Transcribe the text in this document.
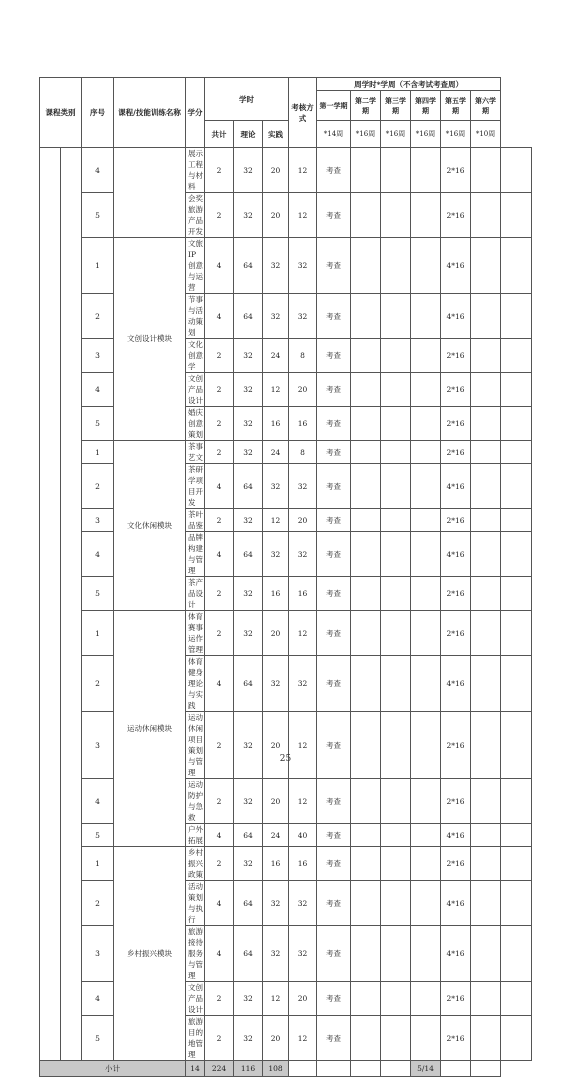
课程类别		序号	课程/技能训练名称	学分	学时			考核方式	周学时*学周（不含考试考查周）						
									第一学期	第二学期	第三学期	第四学期	第五学期	第六学期	
					共计	理论	实践		*14周	*16周	*16周	*16周	*16周	*10周	
		4		展示工程与材料	2	32	20	12	考查				2*16		
		5		会奖旅游产品开发	2	32	20	12	考查				2*16		
		1	文创设计模块	文旅 IP 创意与运营	4	64	32	32	考查				4*16		
		2		节事与活动策划	4	64	32	32	考查				4*16		
		3		文化创意学	2	32	24	8	考查				2*16		
		4		文创产品设计	2	32	12	20	考查				2*16		
		5		婚庆创意策划	2	32	16	16	考查				2*16		
		1	文化休闲模块	茶事艺文	2	32	24	8	考查				2*16		
		2		茶研学项目开发	4	64	32	32	考查				4*16		
		3		茶叶品鉴	2	32	12	20	考查				2*16		
		4		品牌构建与管理	4	64	32	32	考查				4*16		
		5		茶产品设计	2	32	16	16	考查				2*16		
		1	运动休闲模块	体育赛事运作管理	2	32	20	12	考查				2*16		
		2		体育健身理论与实践	4	64	32	32	考查				4*16		
		3		运动休闲项目策划与管理	2	32	20	12	考查				2*16		
		4		运动防护与急救	2	32	20	12	考查				2*16		
		5		户外拓展	4	64	24	40	考查				4*16		
		1	乡村振兴模块	乡村振兴政策	2	32	16	16	考查				2*16		
		2		活动策划与执行	4	64	32	32	考查				4*16		
		3		旅游接待服务与管理	4	64	32	32	考查				4*16		
		4		文创产品设计	2	32	12	20	考查				2*16		
		5		旅游目的地管理	2	32	20	12	考查				2*16		
小计				14	224	116	108					5/14			
25
